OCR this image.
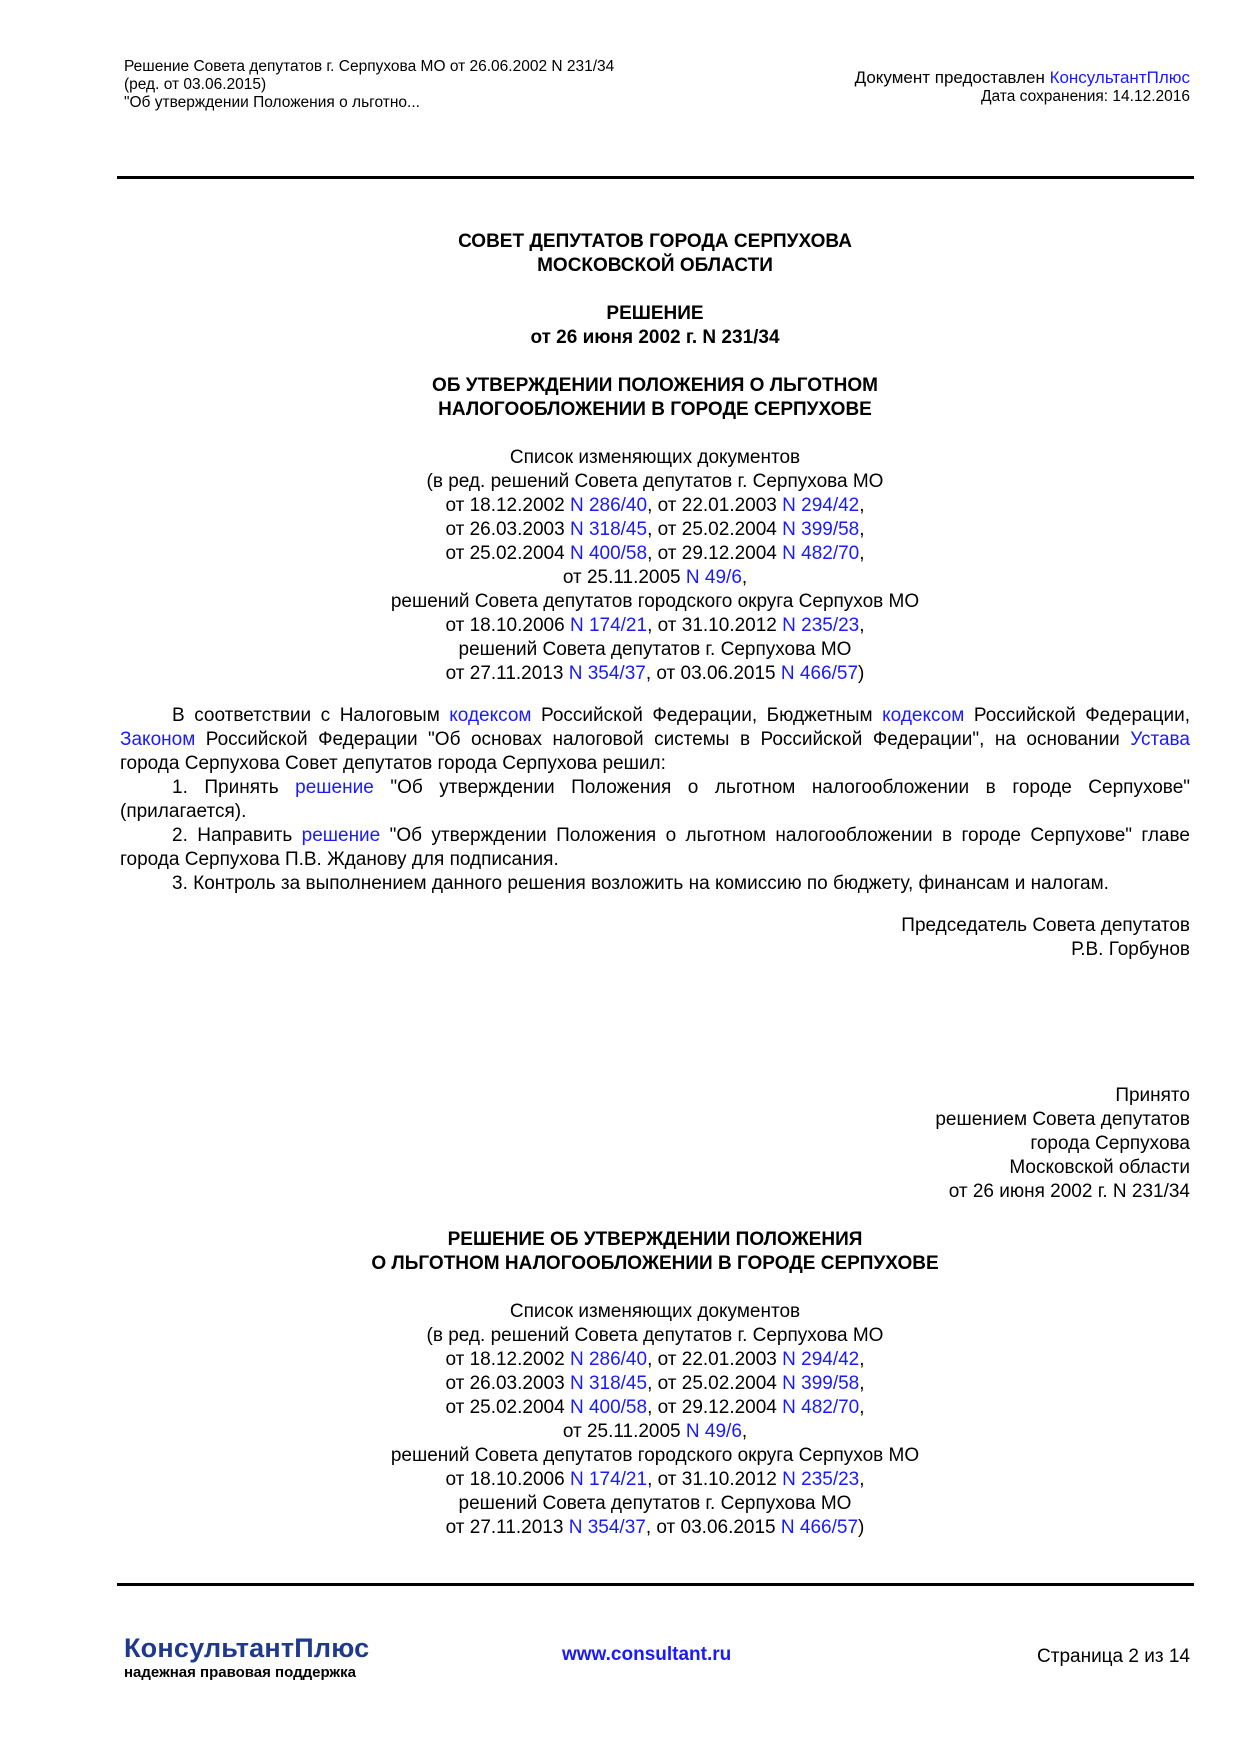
Решение Совета депутатов г. Серпухова МО от 26.06.2002 N 231/34
(ред. от 03.06.2015)
"Об утверждении Положения о льготно...
Документ предоставлен КонсультантПлюс
Дата сохранения: 14.12.2016
СОВЕТ ДЕПУТАТОВ ГОРОДА СЕРПУХОВА
МОСКОВСКОЙ ОБЛАСТИ
РЕШЕНИЕ
от 26 июня 2002 г. N 231/34
ОБ УТВЕРЖДЕНИИ ПОЛОЖЕНИЯ О ЛЬГОТНОМ
НАЛОГООБЛОЖЕНИИ В ГОРОДЕ СЕРПУХОВЕ
Список изменяющих документов
(в ред. решений Совета депутатов г. Серпухова МО
от 18.12.2002 N 286/40, от 22.01.2003 N 294/42,
от 26.03.2003 N 318/45, от 25.02.2004 N 399/58,
от 25.02.2004 N 400/58, от 29.12.2004 N 482/70,
от 25.11.2005 N 49/6,
решений Совета депутатов городского округа Серпухов МО
от 18.10.2006 N 174/21, от 31.10.2012 N 235/23,
решений Совета депутатов г. Серпухова МО
от 27.11.2013 N 354/37, от 03.06.2015 N 466/57)

В соответствии с Налоговым кодексом Российской Федерации, Бюджетным кодексом Российской Федерации, Законом Российской Федерации "Об основах налоговой системы в Российской Федерации", на основании Устава города Серпухова Совет депутатов города Серпухова решил:

1. Принять решение "Об утверждении Положения о льготном налогообложении в городе Серпухове" (прилагается).

2. Направить решение "Об утверждении Положения о льготном налогообложении в городе Серпухове" главе города Серпухова П.В. Жданову для подписания.

3. Контроль за выполнением данного решения возложить на комиссию по бюджету, финансам и налогам.

Председатель Совета депутатов
Р.В. Горбунов
Принято
решением Совета депутатов
города Серпухова
Московской области
от 26 июня 2002 г. N 231/34
РЕШЕНИЕ ОБ УТВЕРЖДЕНИИ ПОЛОЖЕНИЯ
О ЛЬГОТНОМ НАЛОГООБЛОЖЕНИИ В ГОРОДЕ СЕРПУХОВЕ
Список изменяющих документов
(в ред. решений Совета депутатов г. Серпухова МО
от 18.12.2002 N 286/40, от 22.01.2003 N 294/42,
от 26.03.2003 N 318/45, от 25.02.2004 N 399/58,
от 25.02.2004 N 400/58, от 29.12.2004 N 482/70,
от 25.11.2005 N 49/6,
решений Совета депутатов городского округа Серпухов МО
от 18.10.2006 N 174/21, от 31.10.2012 N 235/23,
решений Совета депутатов г. Серпухова МО
от 27.11.2013 N 354/37, от 03.06.2015 N 466/57)
КонсультантПлюс
надежная правовая поддержка
www.consultant.ru	Страница 2 из 14
